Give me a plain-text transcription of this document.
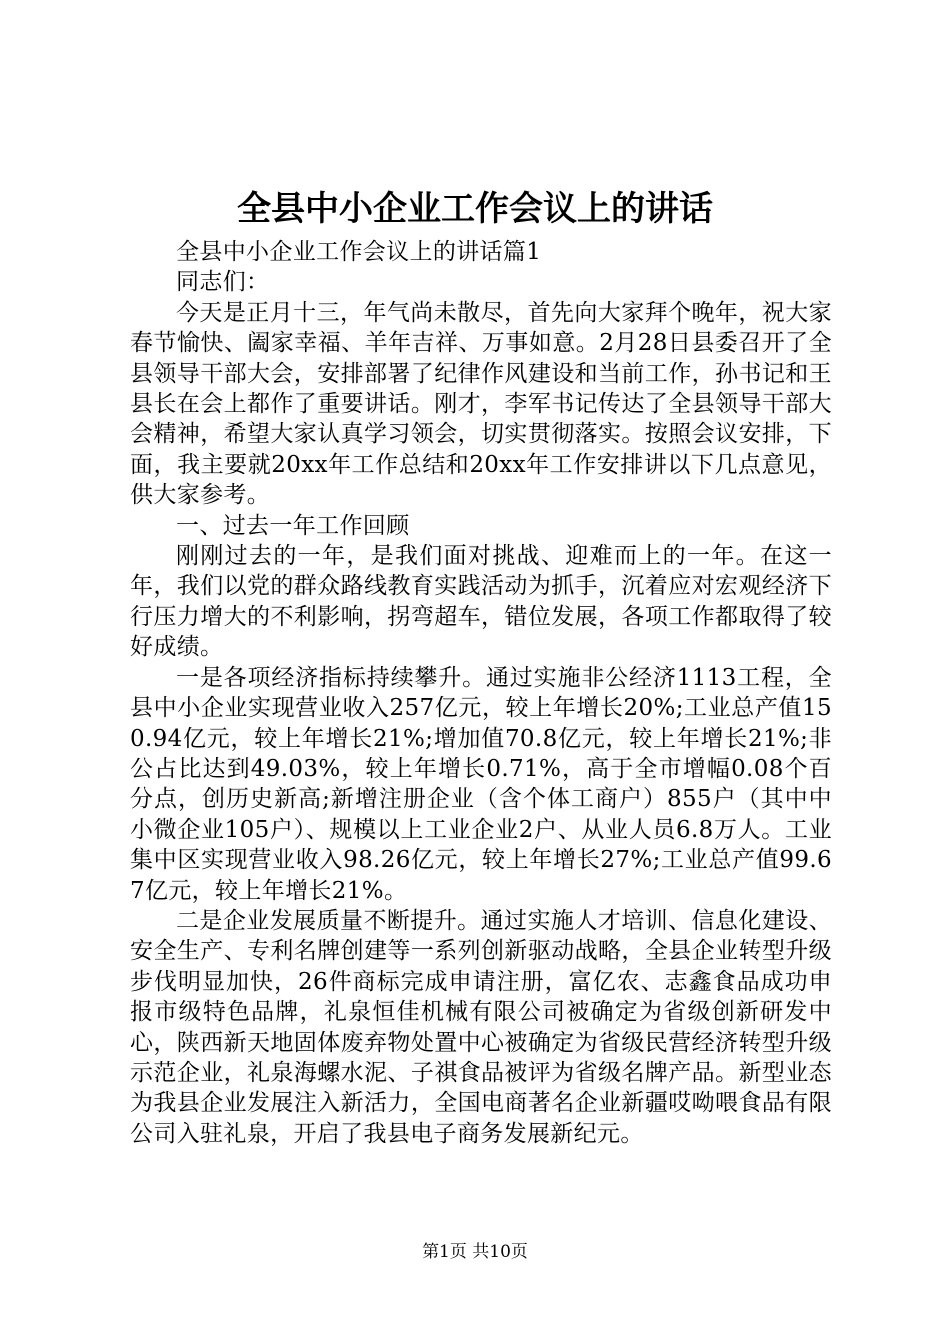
全县中小企业工作会议上的讲话

全县中小企业工作会议上的讲话篇1

同志们：

今天是正月十三，年气尚未散尽，首先向大家拜个晚年，祝大家春节愉快、阖家幸福、羊年吉祥、万事如意。2月28日县委召开了全县领导干部大会，安排部署了纪律作风建设和当前工作，孙书记和王县长在会上都作了重要讲话。刚才，李军书记传达了全县领导干部大会精神，希望大家认真学习领会，切实贯彻落实。按照会议安排，下面，我主要就20xx年工作总结和20xx年工作安排讲以下几点意见，供大家参考。

一、过去一年工作回顾

刚刚过去的一年，是我们面对挑战、迎难而上的一年。在这一年，我们以党的群众路线教育实践活动为抓手，沉着应对宏观经济下行压力增大的不利影响，拐弯超车，错位发展，各项工作都取得了较好成绩。

一是各项经济指标持续攀升。通过实施非公经济1113工程，全县中小企业实现营业收入257亿元，较上年增长20%;工业总产值150.94亿元，较上年增长21%;增加值70.8亿元，较上年增长21%;非公占比达到49.03%，较上年增长0.71%，高于全市增幅0.08个百分点，创历史新高;新增注册企业（含个体工商户）855户（其中中小微企业105户）、规模以上工业企业2户、从业人员6.8万人。工业集中区实现营业收入98.26亿元，较上年增长27%;工业总产值99.67亿元，较上年增长21%。

二是企业发展质量不断提升。通过实施人才培训、信息化建设、安全生产、专利名牌创建等一系列创新驱动战略，全县企业转型升级步伐明显加快，26件商标完成申请注册，富亿农、志鑫食品成功申报市级特色品牌，礼泉恒佳机械有限公司被确定为省级创新研发中心，陕西新天地固体废弃物处置中心被确定为省级民营经济转型升级示范企业，礼泉海螺水泥、子祺食品被评为省级名牌产品。新型业态为我县企业发展注入新活力，全国电商著名企业新疆哎呦喂食品有限公司入驻礼泉，开启了我县电子商务发展新纪元。

第1页 共10页
